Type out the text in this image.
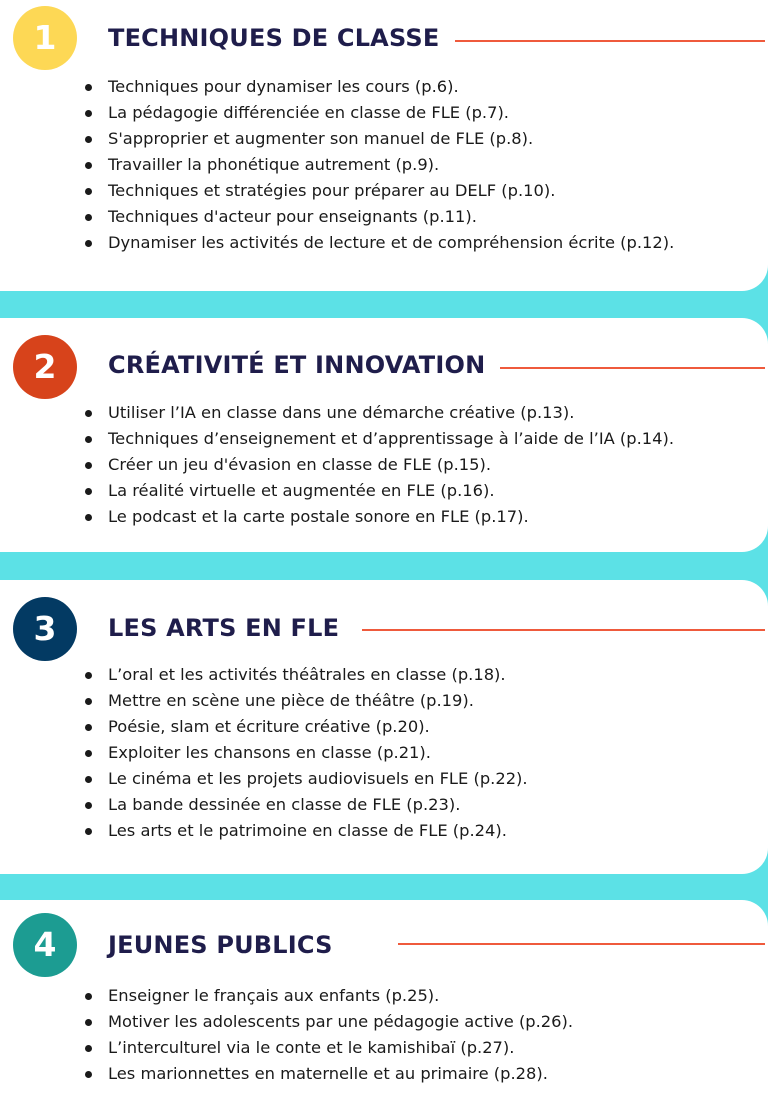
1	TECHNIQUES DE CLASSE
Techniques pour dynamiser les cours (p.6).
La pédagogie différenciée en classe de FLE (p.7).
S'approprier et augmenter son manuel de FLE (p.8).
Travailler la phonétique autrement (p.9).
Techniques et stratégies pour préparer au DELF (p.10).
Techniques d'acteur pour enseignants (p.11).
Dynamiser les activités de lecture et de compréhension écrite (p.12).
2	CRÉATIVITÉ ET INNOVATION
Utiliser l’IA en classe dans une démarche créative (p.13).
Techniques d’enseignement et d’apprentissage à l’aide de l’IA (p.14).
Créer un jeu d'évasion en classe de FLE (p.15).
La réalité virtuelle et augmentée en FLE (p.16).
Le podcast et la carte postale sonore en FLE (p.17).
3	LES ARTS EN FLE
L’oral et les activités théâtrales en classe (p.18).
Mettre en scène une pièce de théâtre (p.19).
Poésie, slam et écriture créative (p.20).
Exploiter les chansons en classe (p.21).
Le cinéma et les projets audiovisuels en FLE (p.22).
La bande dessinée en classe de FLE (p.23).
Les arts et le patrimoine en classe de FLE (p.24).
4	JEUNES PUBLICS
Enseigner le français aux enfants (p.25).
Motiver les adolescents par une pédagogie active (p.26).
L’interculturel via le conte et le kamishibaï (p.27).
Les marionnettes en maternelle et au primaire (p.28).
